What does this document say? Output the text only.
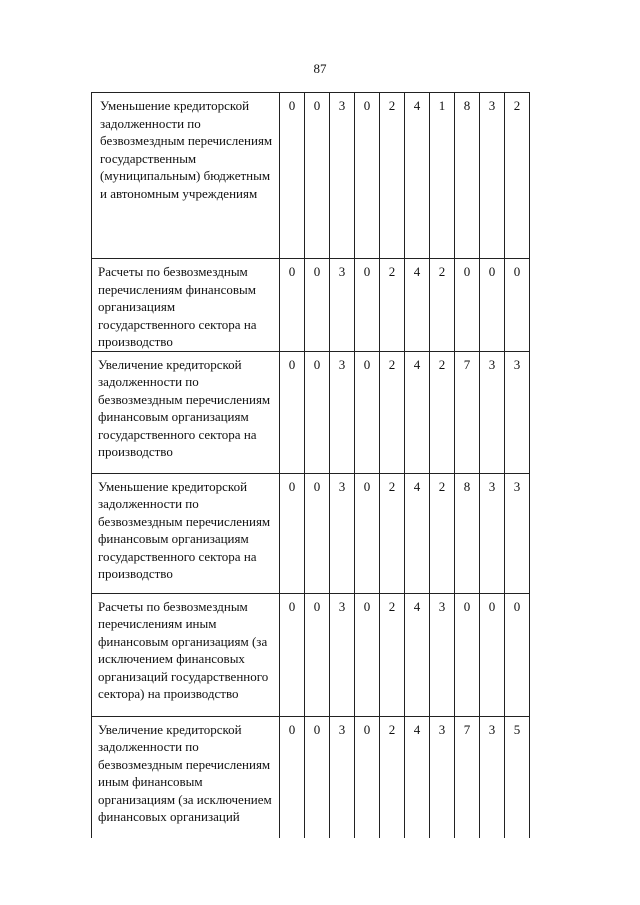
87
Уменьшение кредиторской задолженности по безвозмездным перечислениям государственным (муниципальным) бюджетным и автономным учреждениям	0	0	3	0	2	4	1	8	3	2
Расчеты по безвозмездным перечислениям финансовым организациям государственного сектора на производство	0	0	3	0	2	4	2	0	0	0
Увеличение кредиторской задолженности по безвозмездным перечислениям финансовым организациям государственного сектора на производство	0	0	3	0	2	4	2	7	3	3
Уменьшение кредиторской задолженности по безвозмездным перечислениям финансовым организациям государственного сектора на производство	0	0	3	0	2	4	2	8	3	3
Расчеты по безвозмездным перечислениям иным финансовым организациям (за исключением финансовых организаций государственного сектора) на производство	0	0	3	0	2	4	3	0	0	0
Увеличение кредиторской задолженности по безвозмездным перечислениям иным финансовым организациям (за исключением финансовых организаций	0	0	3	0	2	4	3	7	3	5
